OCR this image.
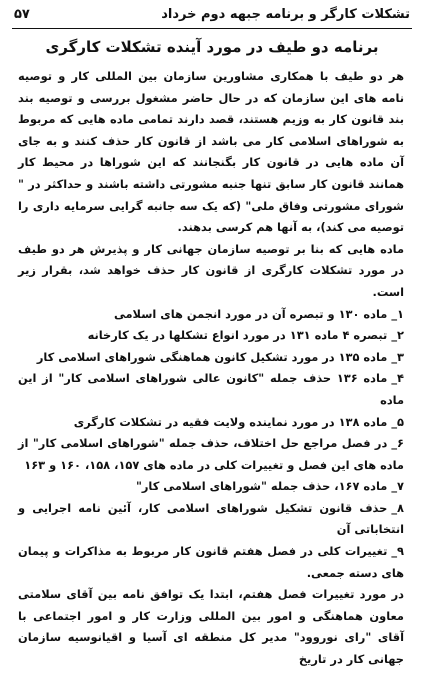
تشکلات کارگر و برنامه جبهه دوم خرداد
۵۷
برنامه دو طیف در مورد آینده تشکلات کارگری

هر دو طیف با همکاری مشاورین سازمان بین المللی کار و توصیه نامه های این سازمان که در حال حاضر مشغول بررسی و توصیه بند بند قانون کار به وزیم هستند، قصد دارند تمامی ماده هایی که مربوط به شوراهای اسلامی کار می باشد از قانون کار حذف کنند و به جای آن ماده هایی در قانون کار بگنجانند که این شوراها در محیط کار همانند قانون کار سابق تنها جنبه مشورتی داشته باشند و حداکثر در " شورای مشورتی وفاق ملی" (که یک سه جانبه گرایی سرمایه داری را توصیه می کند)، به آنها هم کرسی بدهند.

ماده هایی که بنا بر توصیه سازمان جهانی کار و پذیرش هر دو طیف در مورد تشکلات کارگری از قانون کار حذف خواهد شد، بقرار زیر است.

۱_ماده ۱۳۰ و تبصره آن در مورد انجمن های اسلامی

۲_تبصره ۴ ماده ۱۳۱ در مورد انواع تشکلها در یک کارخانه

۳_ماده ۱۳۵ در مورد تشکیل کانون هماهنگی شوراهای اسلامی کار

۴_ماده ۱۳۶ حذف جمله "کانون عالی شوراهای اسلامی کار" از این ماده

۵_ماده ۱۳۸ در مورد نماینده ولایت فقیه در تشکلات کارگری

۶_در فصل مراجع حل اختلاف، حذف جمله "شوراهای اسلامی کار" از ماده های این فصل و تغییرات کلی در ماده های ۱۵۷، ۱۵۸، ۱۶۰ و ۱۶۳

۷_ماده ۱۶۷، حذف جمله "شوراهای اسلامی کار"

۸_حذف قانون تشکیل شوراهای اسلامی کار، آئین نامه اجرایی و انتخاباتی آن

۹_تغییرات کلی در فصل هفتم قانون کار مربوط به مذاکرات و پیمان های دسته جمعی.

در مورد تغییرات فصل هفتم، ابتدا یک توافق نامه بین آقای سلامتی معاون هماهنگی و امور بین المللی وزارت کار و امور اجتماعی با آقای "رای نوروود" مدیر کل منطقه ای آسیا و اقیانوسیه سازمان جهانی کار در تاریخ
